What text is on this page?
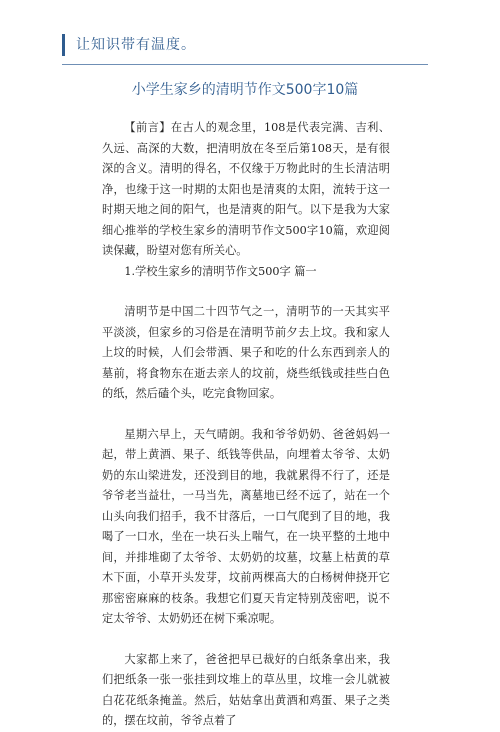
让知识带有温度。
小学生家乡的清明节作文500字10篇

【前言】在古人的观念里，108是代表完满、吉利、久远、高深的大数，把清明放在冬至后第108天，是有很深的含义。清明的得名，不仅缘于万物此时的生长清洁明净，也缘于这一时期的太阳也是清爽的太阳，流转于这一时期天地之间的阳气，也是清爽的阳气。以下是我为大家细心推举的学校生家乡的清明节作文500字10篇，欢迎阅读保藏，盼望对您有所关心。

1.学校生家乡的清明节作文500字 篇一

清明节是中国二十四节气之一，清明节的一天其实平平淡淡，但家乡的习俗是在清明节前夕去上坟。我和家人上坟的时候，人们会带酒、果子和吃的什么东西到亲人的墓前，将食物东在逝去亲人的坟前，烧些纸钱或挂些白色的纸，然后磕个头，吃完食物回家。

星期六早上，天气晴朗。我和爷爷奶奶、爸爸妈妈一起，带上黄酒、果子、纸钱等供品，向埋着太爷爷、太奶奶的东山梁进发，还没到目的地，我就累得不行了，还是爷爷老当益壮，一马当先，离墓地已经不远了，站在一个山头向我们招手，我不甘落后，一口气爬到了目的地，我喝了一口水，坐在一块石头上喘气，在一块平整的土地中间，并排堆砌了太爷爷、太奶奶的坟墓，坟墓上枯黄的草木下面，小草开头发芽，坟前两棵高大的白杨树伸挠开它那密密麻麻的枝条。我想它们夏天肯定特别茂密吧，说不定太爷爷、太奶奶还在树下乘凉呢。

大家都上来了，爸爸把早已裁好的白纸条拿出来，我们把纸条一张一张挂到坟堆上的草丛里，坟堆一会儿就被白花花纸条掩盖。然后，姑姑拿出黄酒和鸡蛋、果子之类的，摆在坟前，爷爷点着了
